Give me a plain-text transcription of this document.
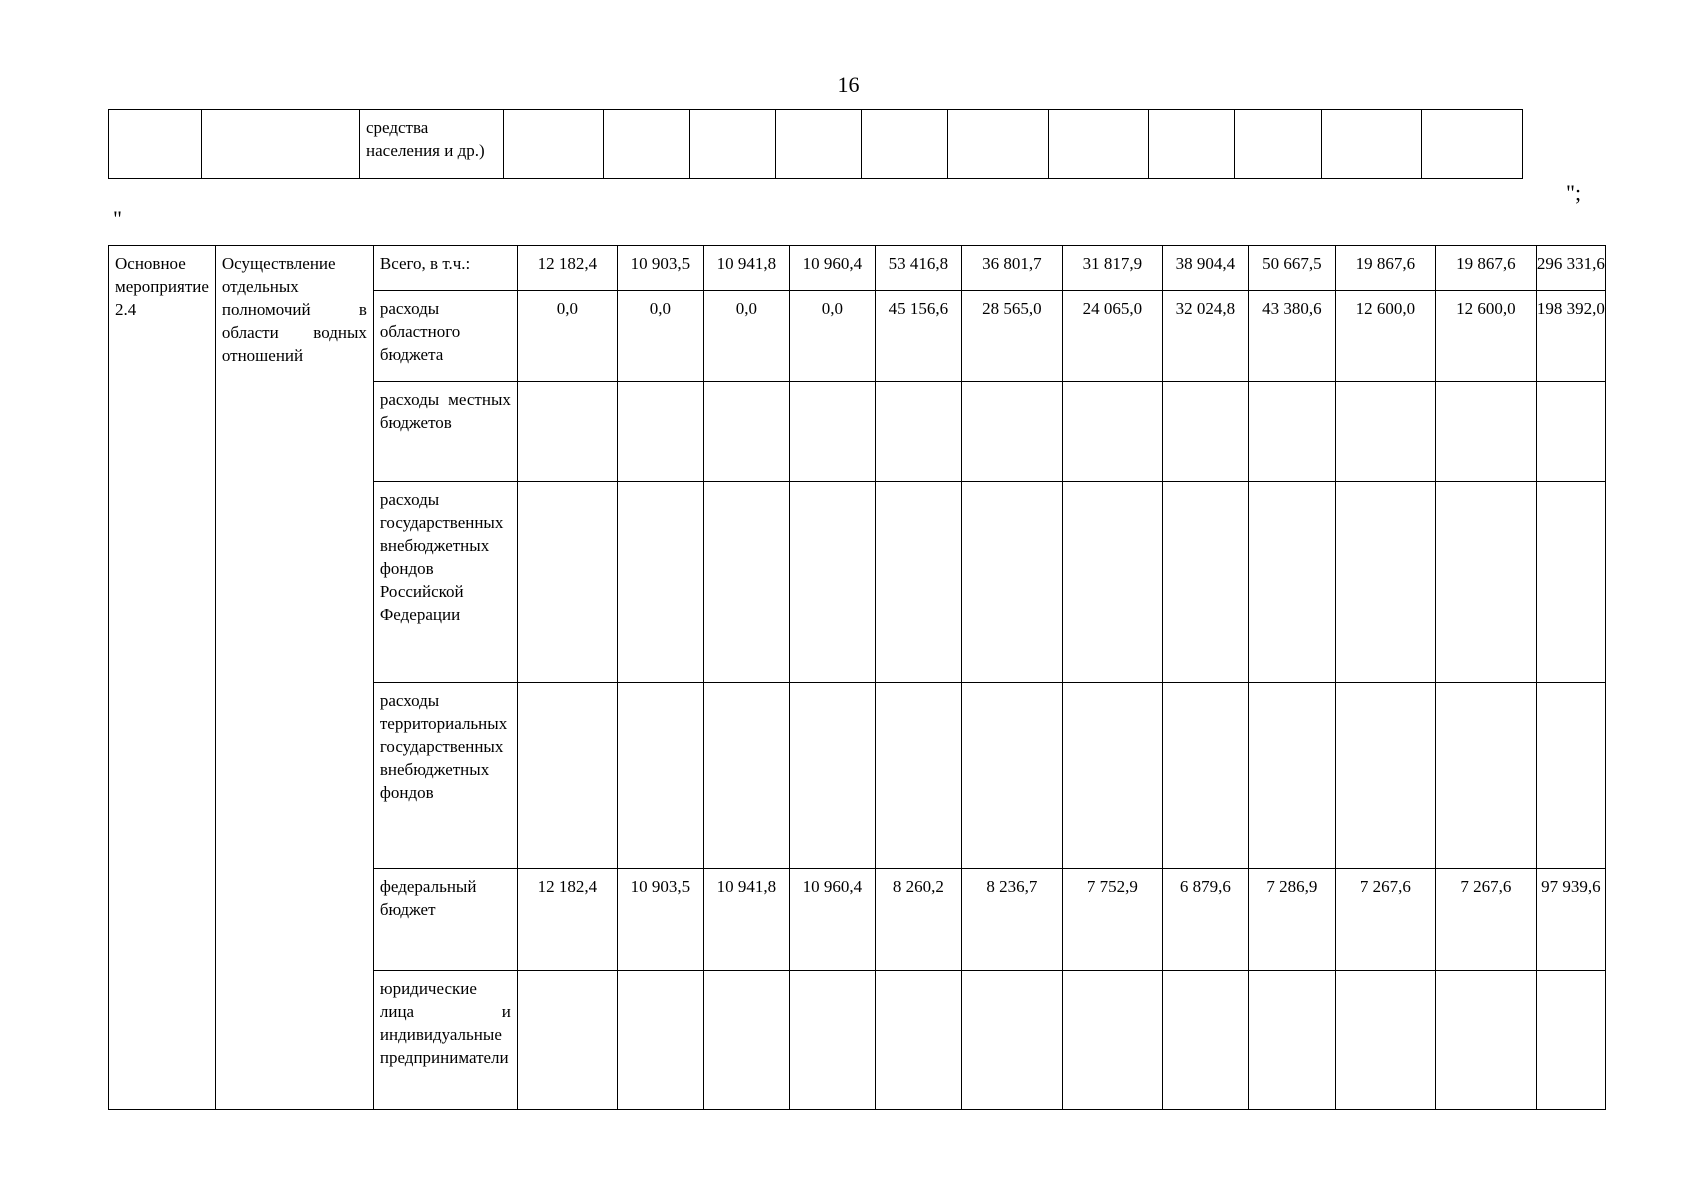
16
		средства населения и др.)											
";
"
Основное мероприятие 2.4	Осуществление отдельных полномочий в области водных отношений	Всего, в т.ч.:	12 182,4	10 903,5	10 941,8	10 960,4	53 416,8	36 801,7	31 817,9	38 904,4	50 667,5	19 867,6	19 867,6	296 331,6
		расходы областного бюджета	0,0	0,0	0,0	0,0	45 156,6	28 565,0	24 065,0	32 024,8	43 380,6	12 600,0	12 600,0	198 392,0
		расходы местных бюджетов												
		расходы государственных внебюджетных фондов Российской Федерации												
		расходы территориальных государственных внебюджетных фондов												
		федеральный бюджет	12 182,4	10 903,5	10 941,8	10 960,4	8 260,2	8 236,7	7 752,9	6 879,6	7 286,9	7 267,6	7 267,6	97 939,6
		юридические лица и индивидуальные предприниматели												
